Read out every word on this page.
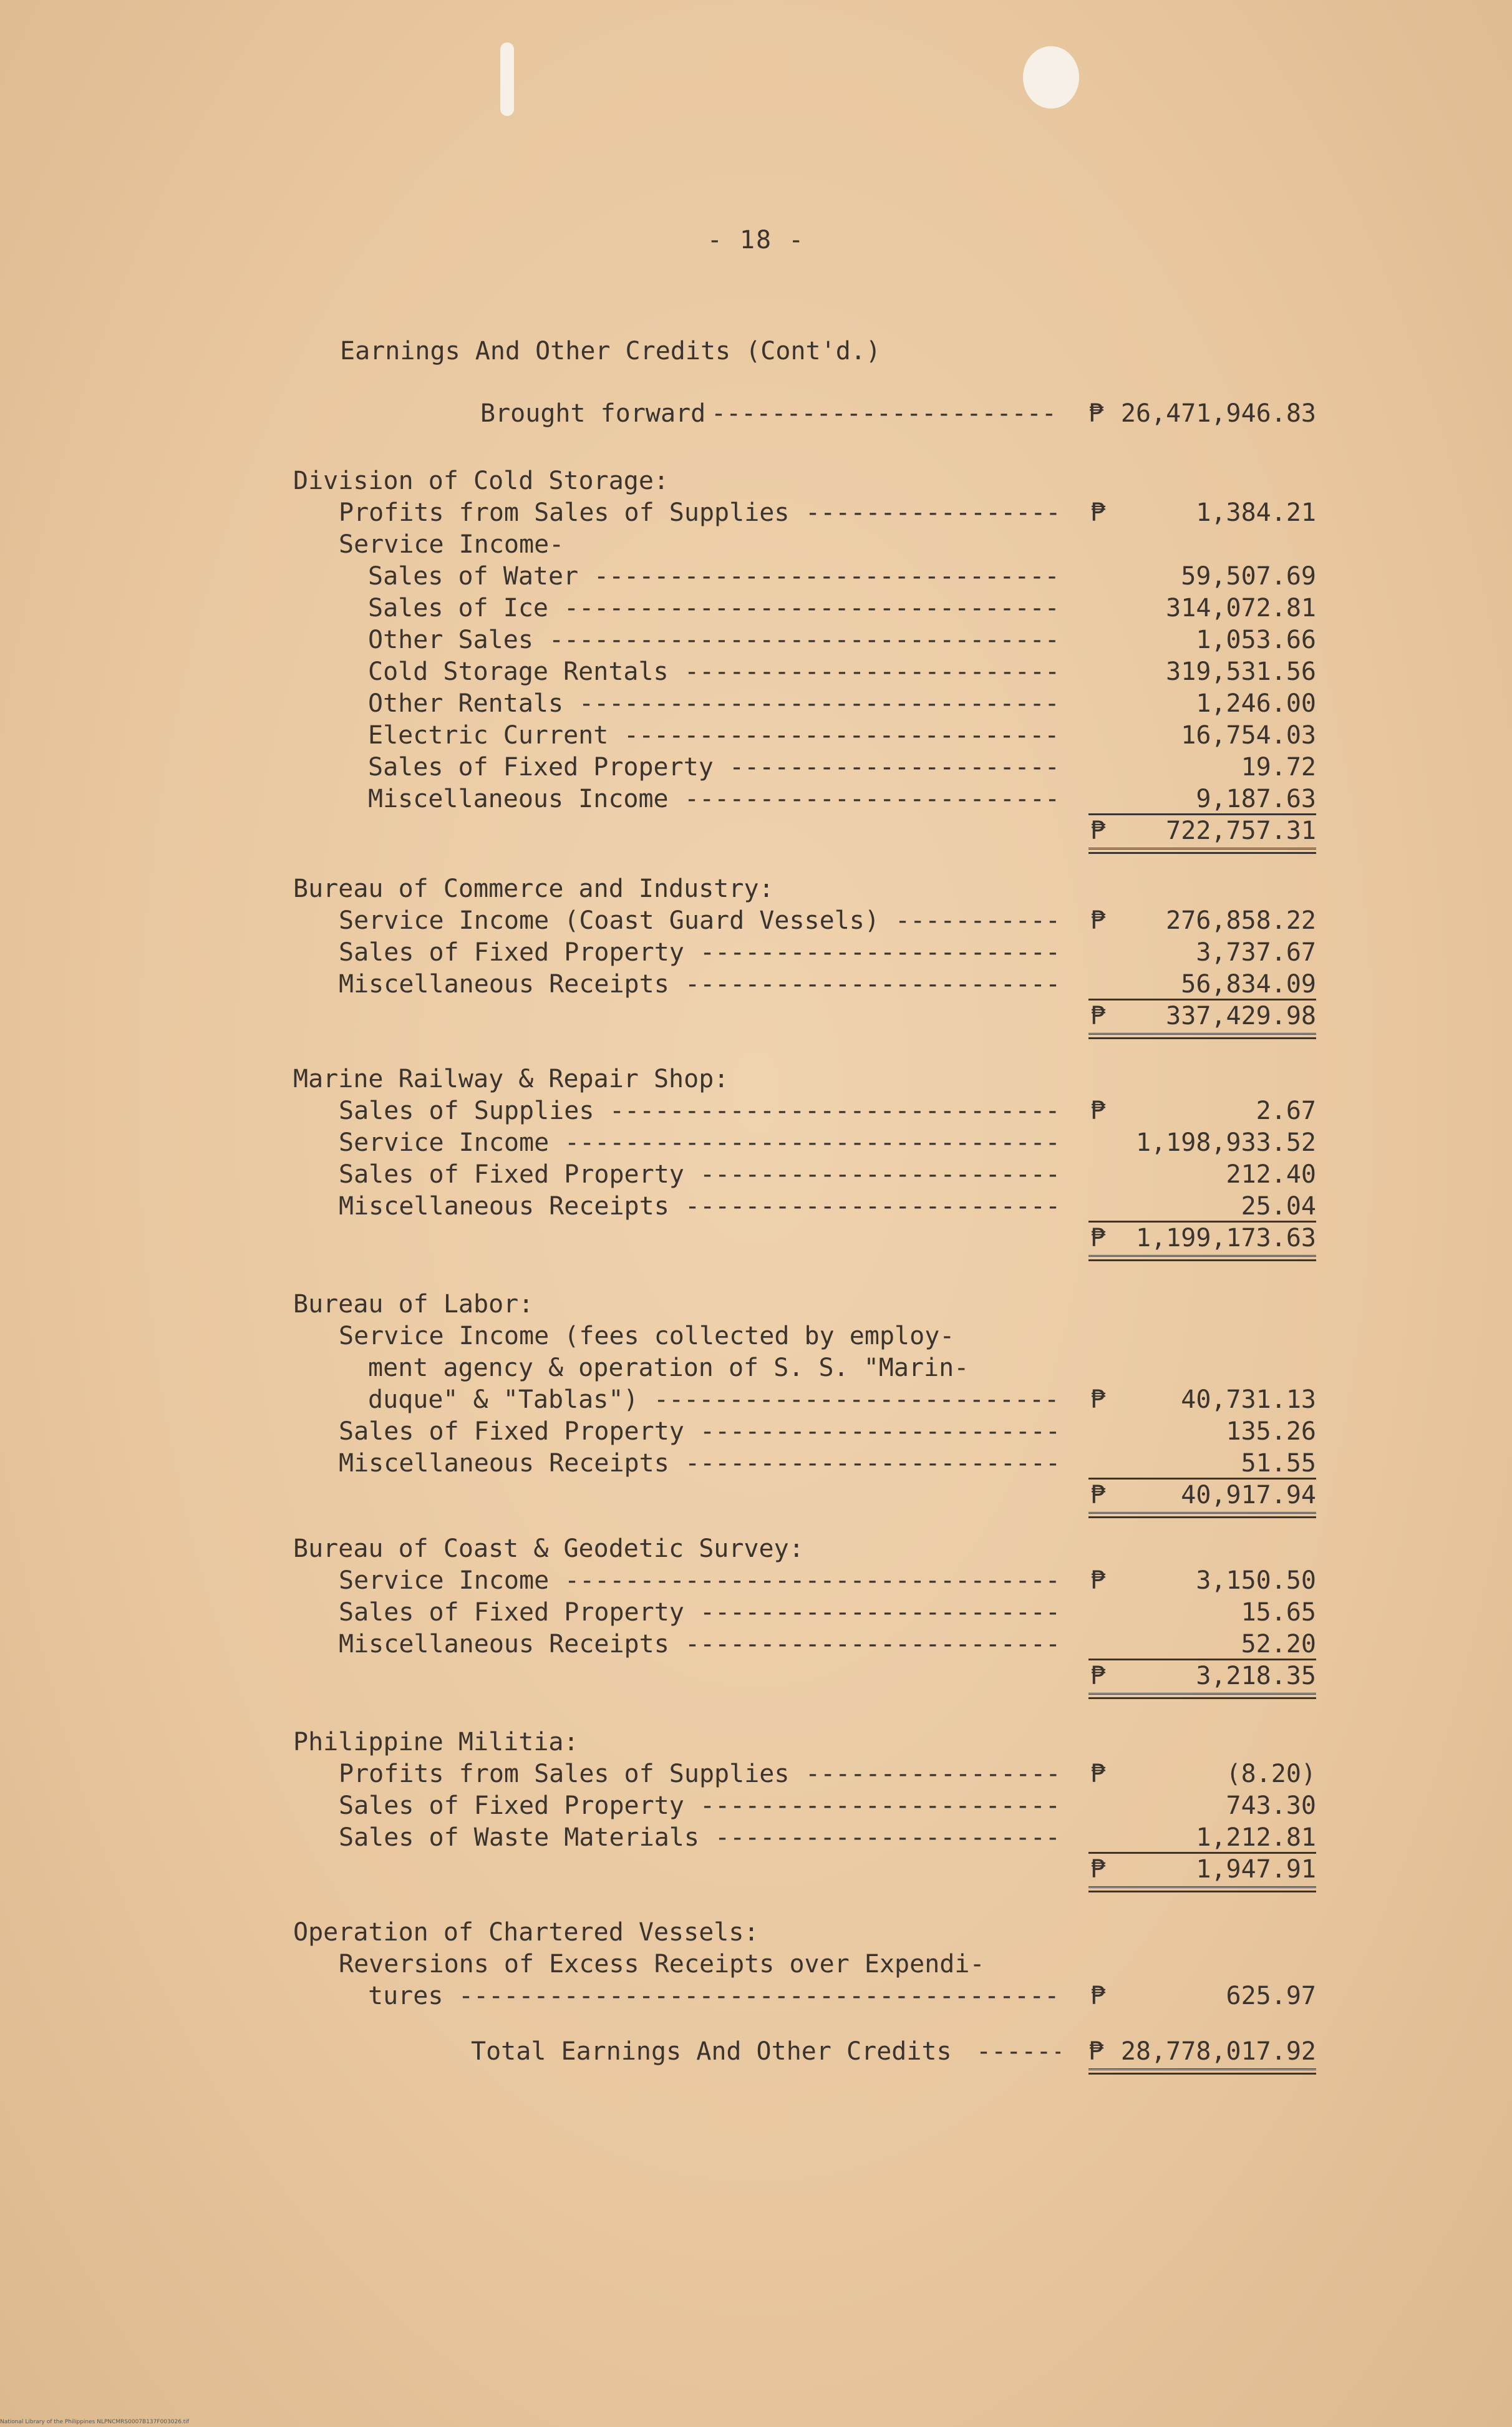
- 18 -
Earnings And Other Credits (Cont'd.)
Brought forward -----	₱ 26,471,946.83
Division of Cold Storage:
Profits from Sales of Supplies -----	₱	1,384.21
Service Income-
Sales of Water -----	59,507.69
Sales of Ice -----	314,072.81
Other Sales -----	1,053.66
Cold Storage Rentals -----	319,531.56
Other Rentals -----	1,246.00
Electric Current -----	16,754.03
Sales of Fixed Property -----	19.72
Miscellaneous Income -----	9,187.63
₱ 722,757.31
Bureau of Commerce and Industry:
Service Income (Coast Guard Vessels) -----	₱ 276,858.22
Sales of Fixed Property -----	3,737.67
Miscellaneous Receipts -----	56,834.09
₱ 337,429.98
Marine Railway & Repair Shop:
Sales of Supplies -----	₱	2.67
Service Income -----	1,198,933.52
Sales of Fixed Property -----	212.40
Miscellaneous Receipts -----	25.04
₱ 1,199,173.63
Bureau of Labor:
Service Income (fees collected by employ-
ment agency & operation of S. S. "Marin-
duque" & "Tablas") -----	₱	40,731.13
Sales of Fixed Property -----	135.26
Miscellaneous Receipts -----	51.55
₱	40,917.94
Bureau of Coast & Geodetic Survey:
Service Income -----	₱	3,150.50
Sales of Fixed Property -----	15.65
Miscellaneous Receipts -----	52.20
₱	3,218.35
Philippine Militia:
Profits from Sales of Supplies -----	₱	(8.20)
Sales of Fixed Property -----	743.30
Sales of Waste Materials -----	1,212.81
₱	1,947.91
Operation of Chartered Vessels:
Reversions of Excess Receipts over Expendi-
tures -----	₱	625.97
Total Earnings And Other Credits -----	₱ 28,778,017.92
National Library of the Philippines NLPNCMRS0007B137F003026.tif
